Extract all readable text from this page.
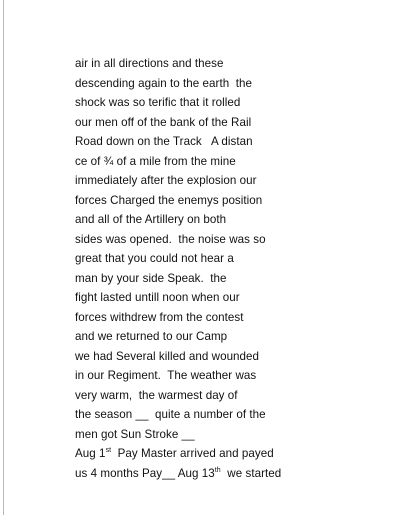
air in all directions and these
descending again to the earth  the
shock was so terific that it rolled
our men off of the bank of the Rail
Road down on the Track   A distan
ce of ¾ of a mile from the mine
immediately after the explosion our
forces Charged the enemys position
and all of the Artillery on both
sides was opened.  the noise was so
great that you could not hear a
man by your side Speak.  the
fight lasted untill noon when our
forces withdrew from the contest
and we returned to our Camp
we had Several killed and wounded
in our Regiment.  The weather was
very warm,  the warmest day of
the season __  quite a number of the
men got Sun Stroke __
Aug 1st  Pay Master arrived and payed
us 4 months Pay__ Aug 13th  we started
